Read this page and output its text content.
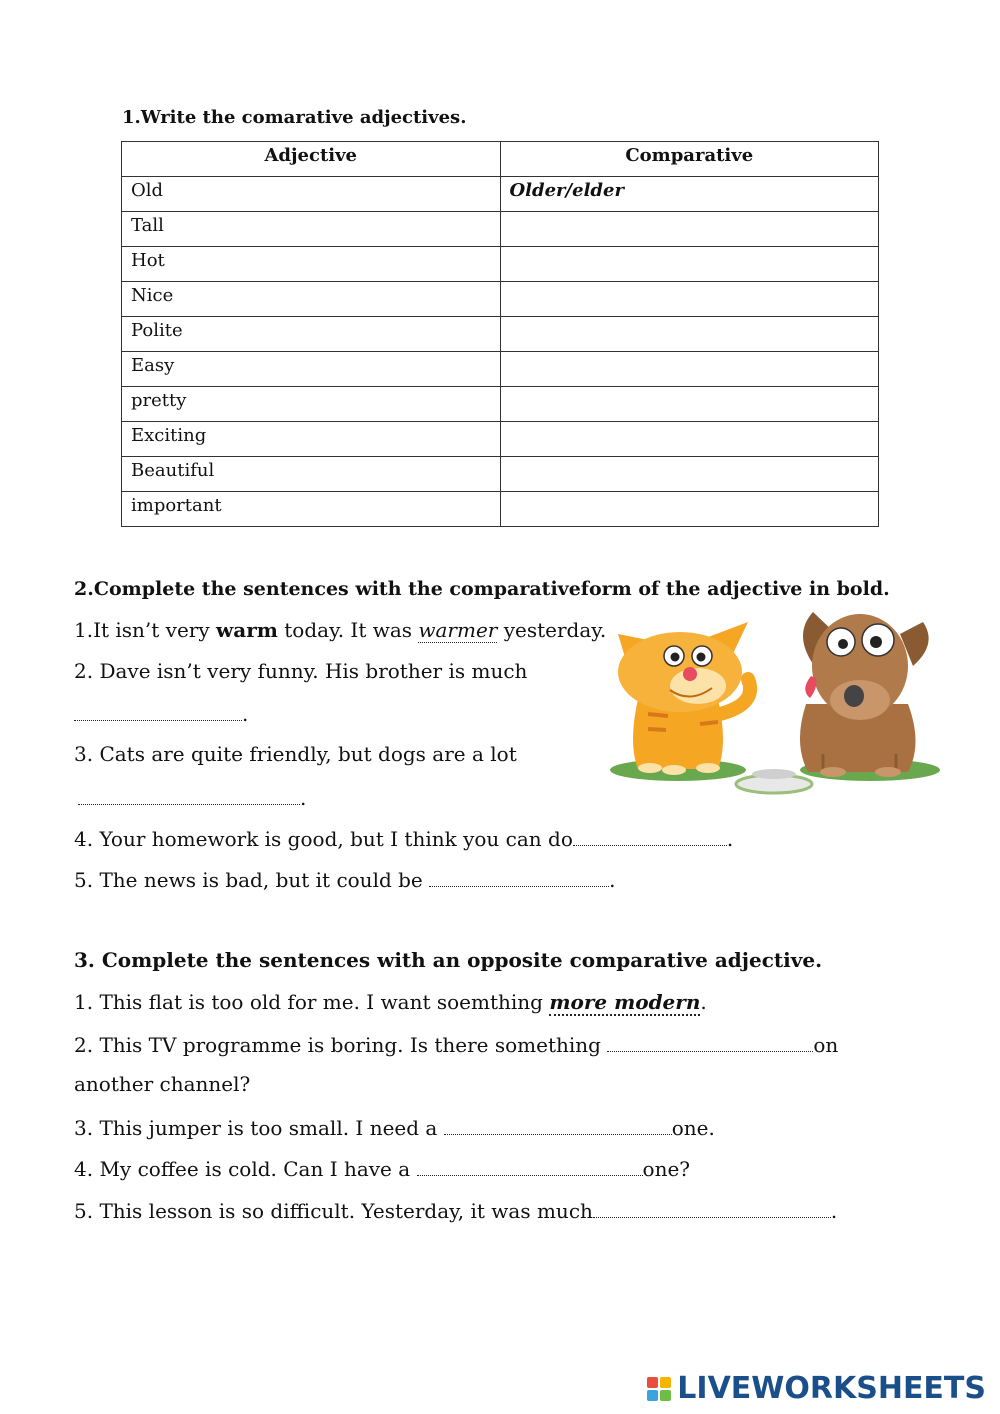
1.Write the comarative adjectives.
Adjective	Comparative
Old	Older/elder
Tall	
Hot	
Nice	
Polite	
Easy	
pretty	
Exciting	
Beautiful	
important	
2.Complete the sentences with the comparativeform of the adjective in bold.
1.It isn’t very warm today. It was warmer yesterday.
2. Dave isn’t very funny. His brother is much
.
3. Cats are quite friendly, but dogs are a lot
.
4. Your homework is good, but I think you can do	.
5. The news is bad, but it could be	.
3. Complete the sentences with an opposite comparative adjective.
1. This flat is too old for me. I want soemthing more modern.
2. This TV programme is boring. Is there something	on
another channel?
3. This jumper is too small. I need a	one.
4. My coffee is cold. Can I have a	one?
5. This lesson is so difficult. Yesterday, it was much	.
LIVEWORKSHEETS
